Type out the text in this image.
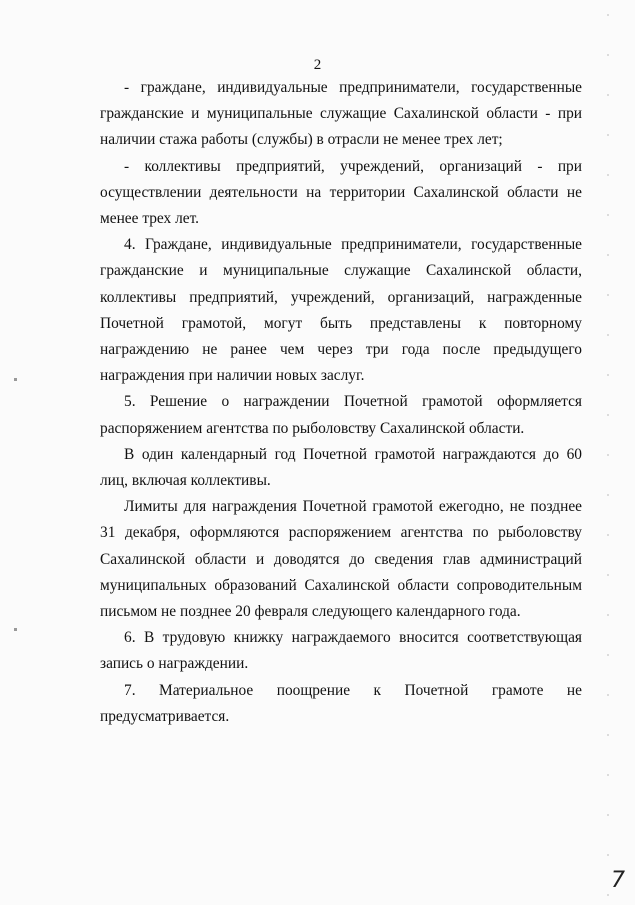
2

- граждане, индивидуальные предприниматели, государственные гражданские и муниципальные служащие Сахалинской области - при наличии стажа работы (службы) в отрасли не менее трех лет;

- коллективы предприятий, учреждений, организаций - при осуществлении деятельности на территории Сахалинской области не менее трех лет.

4. Граждане, индивидуальные предприниматели, государственные гражданские и муниципальные служащие Сахалинской области, коллективы предприятий, учреждений, организаций, награжденные Почетной грамотой, могут быть представлены к повторному награждению не ранее чем через три года после предыдущего награждения при наличии новых заслуг.

5. Решение о награждении Почетной грамотой оформляется распоряжением агентства по рыболовству Сахалинской области.

В один календарный год Почетной грамотой награждаются до 60 лиц, включая коллективы.

Лимиты для награждения Почетной грамотой ежегодно, не позднее 31 декабря, оформляются распоряжением агентства по рыболовству Сахалинской области и доводятся до сведения глав администраций муниципальных образований Сахалинской области сопроводительным письмом не позднее 20 февраля следующего календарного года.

6. В трудовую книжку награждаемого вносится соответствующая запись о награждении.

7. Материальное поощрение к Почетной грамоте не предусматривается.

7
